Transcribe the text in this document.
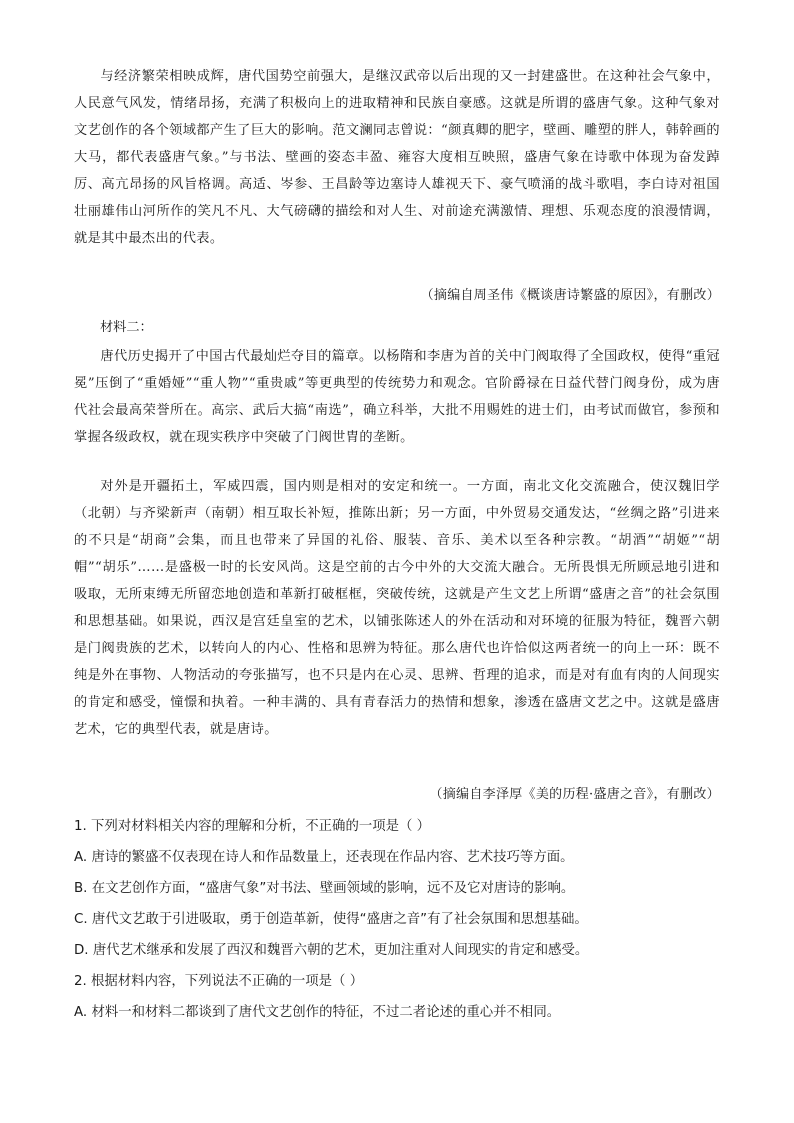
与经济繁荣相映成辉，唐代国势空前强大，是继汉武帝以后出现的又一封建盛世。在这种社会气象中，人民意气风发，情绪昂扬，充满了积极向上的进取精神和民族自豪感。这就是所谓的盛唐气象。这种气象对文艺创作的各个领域都产生了巨大的影响。范文澜同志曾说：“颜真卿的肥字，壁画、雕塑的胖人，韩幹画的大马，都代表盛唐气象。”与书法、壁画的姿态丰盈、雍容大度相互映照，盛唐气象在诗歌中体现为奋发踔厉、高亢昂扬的风旨格调。高适、岑参、王昌龄等边塞诗人雄视天下、豪气喷涌的战斗歌唱，李白诗对祖国壮丽雄伟山河所作的笑凡不凡、大气磅礴的描绘和对人生、对前途充满激情、理想、乐观态度的浪漫情调，就是其中最杰出的代表。

（摘编自周圣伟《概谈唐诗繁盛的原因》，有删改）

材料二：

唐代历史揭开了中国古代最灿烂夺目的篇章。以杨隋和李唐为首的关中门阀取得了全国政权，使得“重冠冕”压倒了“重婚娅”“重人物”“重贵戚”等更典型的传统势力和观念。官阶爵禄在日益代替门阀身份，成为唐代社会最高荣誉所在。高宗、武后大搞“南选”，确立科举，大批不用赐姓的进士们，由考试而做官，参预和掌握各级政权，就在现实秩序中突破了门阀世胄的垄断。

对外是开疆拓土，军威四震，国内则是相对的安定和统一。一方面，南北文化交流融合，使汉魏旧学（北朝）与齐梁新声（南朝）相互取长补短，推陈出新；另一方面，中外贸易交通发达，“丝绸之路”引进来的不只是“胡商”会集，而且也带来了异国的礼俗、服装、音乐、美术以至各种宗教。“胡酒”“胡姬”“胡帽”“胡乐”……是盛极一时的长安风尚。这是空前的古今中外的大交流大融合。无所畏惧无所顾忌地引进和吸取，无所束缚无所留恋地创造和革新打破框框，突破传统，这就是产生文艺上所谓“盛唐之音”的社会氛围和思想基础。如果说，西汉是宫廷皇室的艺术，以铺张陈述人的外在活动和对环境的征服为特征，魏晋六朝是门阀贵族的艺术，以转向人的内心、性格和思辨为特征。那么唐代也许恰似这两者统一的向上一环：既不纯是外在事物、人物活动的夸张描写，也不只是内在心灵、思辨、哲理的追求，而是对有血有肉的人间现实的肯定和感受，憧憬和执着。一种丰满的、具有青春活力的热情和想象，渗透在盛唐文艺之中。这就是盛唐艺术，它的典型代表，就是唐诗。

（摘编自李泽厚《美的历程·盛唐之音》，有删改）

1. 下列对材料相关内容的理解和分析，不正确的一项是（ ）

A. 唐诗的繁盛不仅表现在诗人和作品数量上，还表现在作品内容、艺术技巧等方面。

B. 在文艺创作方面，“盛唐气象”对书法、壁画领域的影响，远不及它对唐诗的影响。

C. 唐代文艺敢于引进吸取，勇于创造革新，使得“盛唐之音”有了社会氛围和思想基础。

D. 唐代艺术继承和发展了西汉和魏晋六朝的艺术，更加注重对人间现实的肯定和感受。

2. 根据材料内容，下列说法不正确的一项是（ ）

A. 材料一和材料二都谈到了唐代文艺创作的特征，不过二者论述的重心并不相同。
